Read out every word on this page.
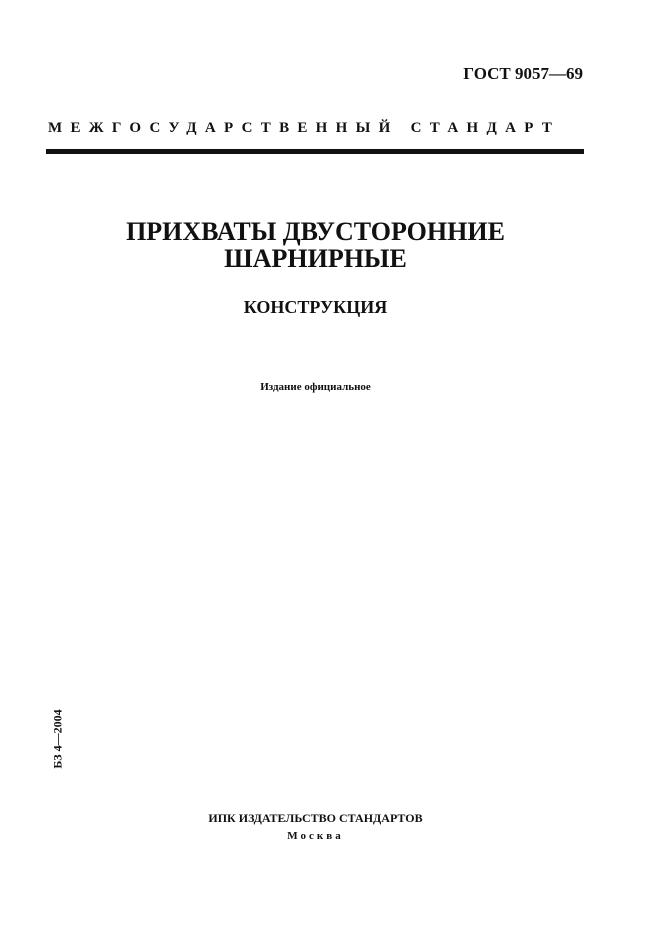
ГОСТ 9057—69
МЕЖГОСУДАРСТВЕННЫЙ СТАНДАРТ
ПРИХВАТЫ ДВУСТОРОННИЕ
ШАРНИРНЫЕ
КОНСТРУКЦИЯ
Издание официальное
БЗ 4—2004
ИПК ИЗДАТЕЛЬСТВО СТАНДАРТОВ
Москва
